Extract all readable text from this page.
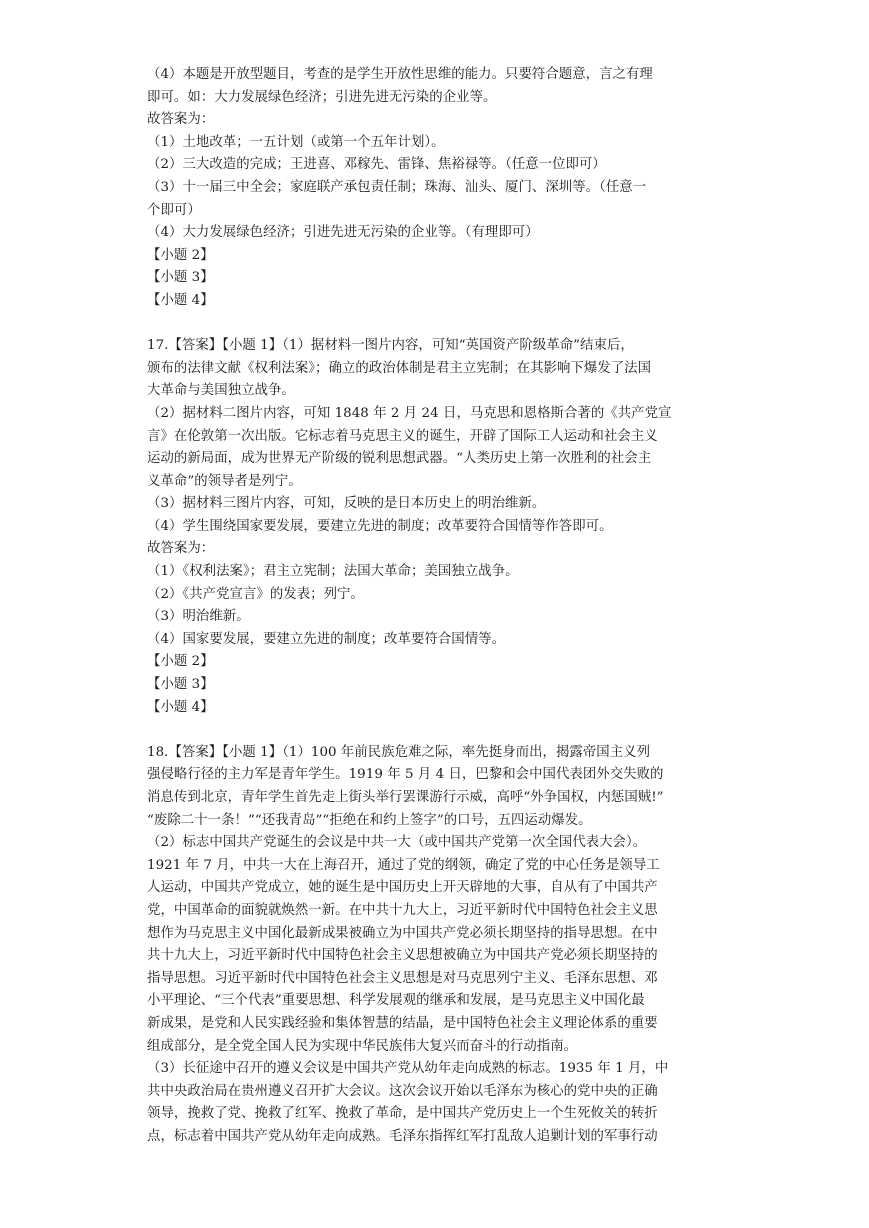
（4）本题是开放型题目，考查的是学生开放性思维的能力。只要符合题意，言之有理
即可。如：大力发展绿色经济；引进先进无污染的企业等。
故答案为：
（1）土地改革；一五计划（或第一个五年计划）。
（2）三大改造的完成；王进喜、邓稼先、雷锋、焦裕禄等。（任意一位即可）
（3）十一届三中全会；家庭联产承包责任制；珠海、汕头、厦门、深圳等。（任意一
个即可）
（4）大力发展绿色经济；引进先进无污染的企业等。（有理即可）
【小题 2】
【小题 3】
【小题 4】
17.【答案】【小题 1】（1）据材料一图片内容，可知“英国资产阶级革命”结束后，
颁布的法律文献《权利法案》；确立的政治体制是君主立宪制；在其影响下爆发了法国
大革命与美国独立战争。
（2）据材料二图片内容，可知 1848 年 2 月 24 日，马克思和恩格斯合著的《共产党宣
言》在伦敦第一次出版。它标志着马克思主义的诞生，开辟了国际工人运动和社会主义
运动的新局面，成为世界无产阶级的锐利思想武器。“人类历史上第一次胜利的社会主
义革命”的领导者是列宁。
（3）据材料三图片内容，可知，反映的是日本历史上的明治维新。
（4）学生围绕国家要发展，要建立先进的制度；改革要符合国情等作答即可。
故答案为：
（1）《权利法案》；君主立宪制；法国大革命；美国独立战争。
（2）《共产党宣言》的发表；列宁。
（3）明治维新。
（4）国家要发展，要建立先进的制度；改革要符合国情等。
【小题 2】
【小题 3】
【小题 4】
18.【答案】【小题 1】（1）100 年前民族危难之际，率先挺身而出，揭露帝国主义列
强侵略行径的主力军是青年学生。1919 年 5 月 4 日，巴黎和会中国代表团外交失败的
消息传到北京，青年学生首先走上街头举行罢课游行示威，高呼“外争国权，内惩国贼!”
“废除二十一条！”“还我青岛”“拒绝在和约上签字”的口号，五四运动爆发。
（2）标志中国共产党诞生的会议是中共一大（或中国共产党第一次全国代表大会）。
1921 年 7 月，中共一大在上海召开，通过了党的纲领，确定了党的中心任务是领导工
人运动，中国共产党成立，她的诞生是中国历史上开天辟地的大事，自从有了中国共产
党，中国革命的面貌就焕然一新。在中共十九大上，习近平新时代中国特色社会主义思
想作为马克思主义中国化最新成果被确立为中国共产党必须长期坚持的指导思想。在中
共十九大上，习近平新时代中国特色社会主义思想被确立为中国共产党必须长期坚持的
指导思想。习近平新时代中国特色社会主义思想是对马克思列宁主义、毛泽东思想、邓
小平理论、“三个代表”重要思想、科学发展观的继承和发展，是马克思主义中国化最
新成果，是党和人民实践经验和集体智慧的结晶，是中国特色社会主义理论体系的重要
组成部分，是全党全国人民为实现中华民族伟大复兴而奋斗的行动指南。
（3）长征途中召开的遵义会议是中国共产党从幼年走向成熟的标志。1935 年 1 月，中
共中央政治局在贵州遵义召开扩大会议。这次会议开始以毛泽东为核心的党中央的正确
领导，挽救了党、挽救了红军、挽救了革命，是中国共产党历史上一个生死攸关的转折
点，标志着中国共产党从幼年走向成熟。毛泽东指挥红军打乱敌人追剿计划的军事行动
